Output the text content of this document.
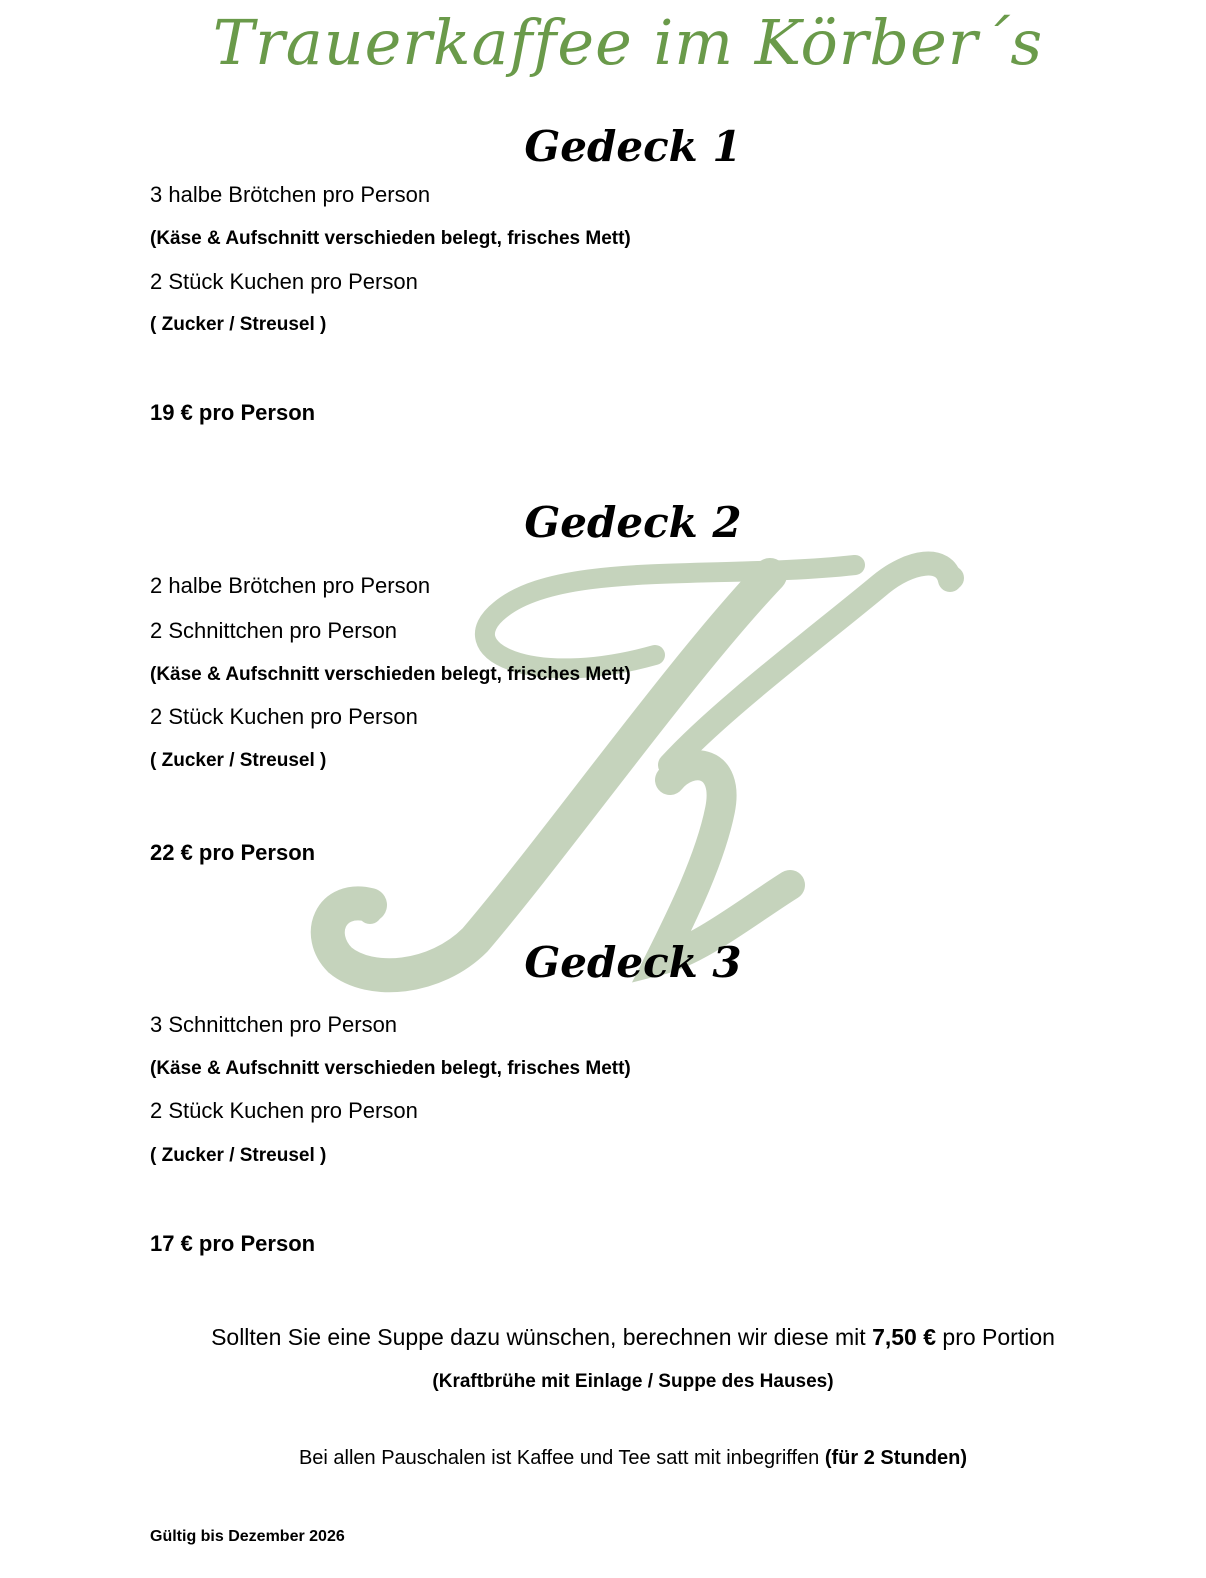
Trauerkaffee im Körber´s
Gedeck 1
3 halbe Brötchen pro Person
(Käse & Aufschnitt verschieden belegt, frisches Mett)
2 Stück Kuchen pro Person
( Zucker / Streusel )
19 € pro Person
Gedeck 2
2 halbe Brötchen pro Person
2 Schnittchen pro Person
(Käse & Aufschnitt verschieden belegt, frisches Mett)
2 Stück Kuchen pro Person
( Zucker / Streusel )
22 € pro Person
Gedeck 3
3 Schnittchen pro Person
(Käse & Aufschnitt verschieden belegt, frisches Mett)
2 Stück Kuchen pro Person
( Zucker / Streusel )
17 € pro Person
Sollten Sie eine Suppe dazu wünschen, berechnen wir diese mit 7,50 € pro Portion
(Kraftbrühe mit Einlage / Suppe des Hauses)
Bei allen Pauschalen ist Kaffee und Tee satt mit inbegriffen (für 2 Stunden)
Gültig bis Dezember 2026
